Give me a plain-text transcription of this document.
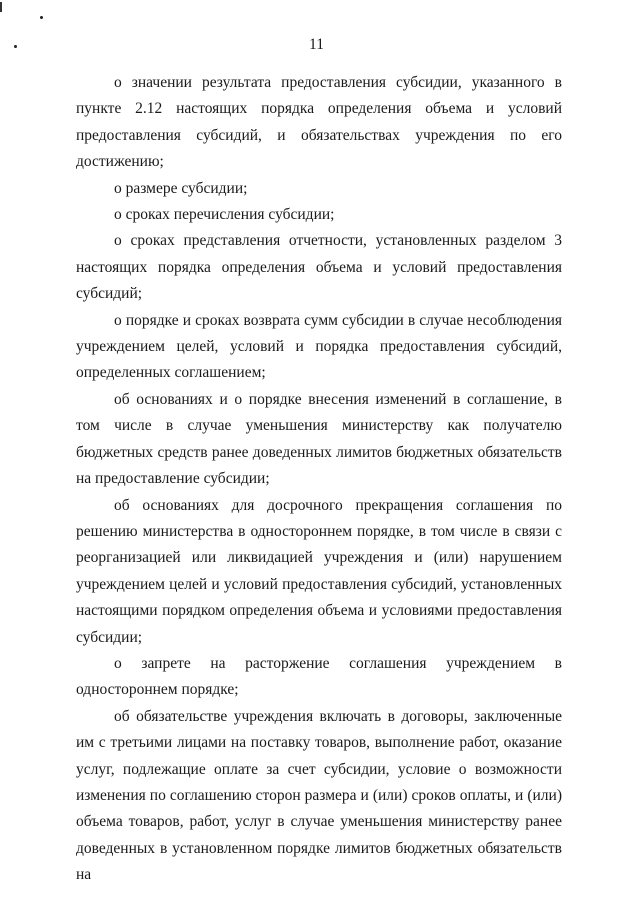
11

о значении результата предоставления субсидии, указанного в пункте 2.12 настоящих порядка определения объема и условий предоставления субсидий, и обязательствах учреждения по его достижению;

о размере субсидии;

о сроках перечисления субсидии;

о сроках представления отчетности, установленных разделом 3 настоящих порядка определения объема и условий предоставления субсидий;

о порядке и сроках возврата сумм субсидии в случае несоблюдения учреждением целей, условий и порядка предоставления субсидий, определенных соглашением;

об основаниях и о порядке внесения изменений в соглашение, в том числе в случае уменьшения министерству как получателю бюджетных средств ранее доведенных лимитов бюджетных обязательств на предоставление субсидии;

об основаниях для досрочного прекращения соглашения по решению министерства в одностороннем порядке, в том числе в связи с реорганизацией или ликвидацией учреждения и (или) нарушением учреждением целей и условий предоставления субсидий, установленных настоящими порядком определения объема и условиями предоставления субсидии;

о запрете на расторжение соглашения учреждением в одностороннем порядке;

об обязательстве учреждения включать в договоры, заключенные им с третьими лицами на поставку товаров, выполнение работ, оказание услуг, подлежащие оплате за счет субсидии, условие о возможности изменения по соглашению сторон размера и (или) сроков оплаты, и (или) объема товаров, работ, услуг в случае уменьшения министерству ранее доведенных в установленном порядке лимитов бюджетных обязательств на
